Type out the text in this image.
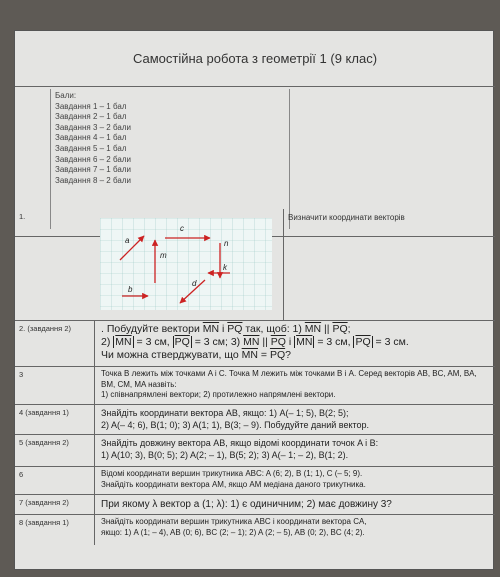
Самостійна робота з геометрії 1 (9 клас)
Бали:
Завдання 1 – 1 бал
Завдання 2 – 1 бал
Завдання 3 – 2 бали
Завдання 4 – 1 бал
Завдання 5 – 1 бал
Завдання 6 – 2 бали
Завдання 7 – 1 бали
Завдання 8 – 2 бали
1.	Визначити координати векторів
2. (завдання 2)	. Побудуйте вектори $\overline{MN}$ і $\overline{PQ}$ так, щоб: 1) $\overline{MN}$ || $\overline{PQ}$;
2) $\overline{MN} = 3$ см, $\overline{PQ} = 3$ см; 3) $\overline{MN}$ || $\overline{PQ}$ і $\overline{MN} = 3$ см, $\overline{PQ} = 3$ см.
Чи можна стверджувати, що $\overline{MN} = \overline{PQ}$?
3	Точка B лежить між точками A і C. Точка M лежить між точками B і A. Серед векторів AB, BC, AM, BA, BM, CM, MA назвіть:
1) співнапрямлені вектори; 2) протилежно напрямлені вектори.
4 (завдання 1)	Знайдіть координати вектора AB, якщо: 1) A(– 1; 5), B(2; 5);
2) A(– 4; 6), B(1; 0); 3) A(1; 1), B(3; – 9). Побудуйте даний вектор.
5 (завдання 2)	Знайдіть довжину вектора AB, якщо відомі координати точок A і B:
1) A(10; 3), B(0; 5); 2) A(2; – 1), B(5; 2); 3) A(– 1; – 2), B(1; 2).
6	Відомі координати вершин трикутника ABC: A (6; 2), B (1; 1), C (– 5; 9).
Знайдіть координати вектора AM, якщо AM медіана даного трикутника.
7 (завдання 2)	При якому λ вектор a (1; λ): 1) є одиничним; 2) має довжину 3?
8 (завдання 1)	Знайдіть координати вершин трикутника ABC і координати вектора CA,
якщо: 1) A (1; – 4), AB (0; 6), BC (2; – 1); 2) A (2; – 5), AB (0; 2), BC (4; 2).
a
c
m
n
k
b
d
